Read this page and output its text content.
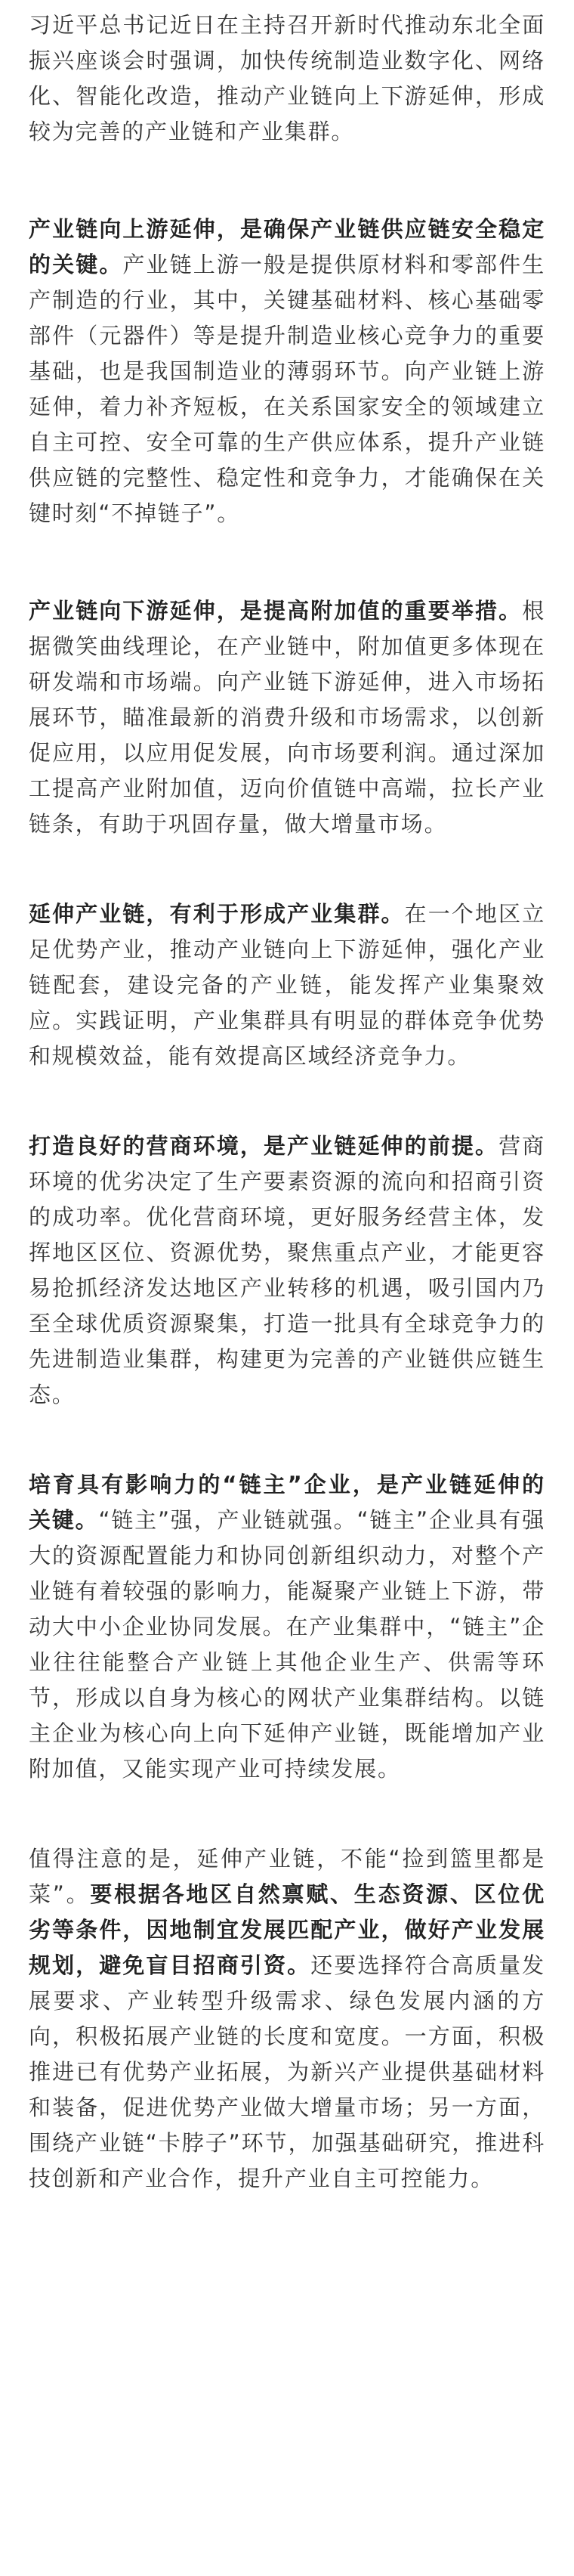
习近平总书记近日在主持召开新时代推动东北全面振兴座谈会时强调，加快传统制造业数字化、网络化、智能化改造，推动产业链向上下游延伸，形成较为完善的产业链和产业集群。

产业链向上游延伸，是确保产业链供应链安全稳定的关键。产业链上游一般是提供原材料和零部件生产制造的行业，其中，关键基础材料、核心基础零部件（元器件）等是提升制造业核心竞争力的重要基础，也是我国制造业的薄弱环节。向产业链上游延伸，着力补齐短板，在关系国家安全的领域建立自主可控、安全可靠的生产供应体系，提升产业链供应链的完整性、稳定性和竞争力，才能确保在关键时刻“不掉链子”。

产业链向下游延伸，是提高附加值的重要举措。根据微笑曲线理论，在产业链中，附加值更多体现在研发端和市场端。向产业链下游延伸，进入市场拓展环节，瞄准最新的消费升级和市场需求，以创新促应用，以应用促发展，向市场要利润。通过深加工提高产业附加值，迈向价值链中高端，拉长产业链条，有助于巩固存量，做大增量市场。

延伸产业链，有利于形成产业集群。在一个地区立足优势产业，推动产业链向上下游延伸，强化产业链配套，建设完备的产业链，能发挥产业集聚效应。实践证明，产业集群具有明显的群体竞争优势和规模效益，能有效提高区域经济竞争力。

打造良好的营商环境，是产业链延伸的前提。营商环境的优劣决定了生产要素资源的流向和招商引资的成功率。优化营商环境，更好服务经营主体，发挥地区区位、资源优势，聚焦重点产业，才能更容易抢抓经济发达地区产业转移的机遇，吸引国内乃至全球优质资源聚集，打造一批具有全球竞争力的先进制造业集群，构建更为完善的产业链供应链生态。

培育具有影响力的“链主”企业，是产业链延伸的关键。“链主”强，产业链就强。“链主”企业具有强大的资源配置能力和协同创新组织动力，对整个产业链有着较强的影响力，能凝聚产业链上下游，带动大中小企业协同发展。在产业集群中，“链主”企业往往能整合产业链上其他企业生产、供需等环节，形成以自身为核心的网状产业集群结构。以链主企业为核心向上向下延伸产业链，既能增加产业附加值，又能实现产业可持续发展。

值得注意的是，延伸产业链，不能“捡到篮里都是菜”。要根据各地区自然禀赋、生态资源、区位优劣等条件，因地制宜发展匹配产业，做好产业发展规划，避免盲目招商引资。还要选择符合高质量发展要求、产业转型升级需求、绿色发展内涵的方向，积极拓展产业链的长度和宽度。一方面，积极推进已有优势产业拓展，为新兴产业提供基础材料和装备，促进优势产业做大增量市场；另一方面，围绕产业链“卡脖子”环节，加强基础研究，推进科技创新和产业合作，提升产业自主可控能力。
